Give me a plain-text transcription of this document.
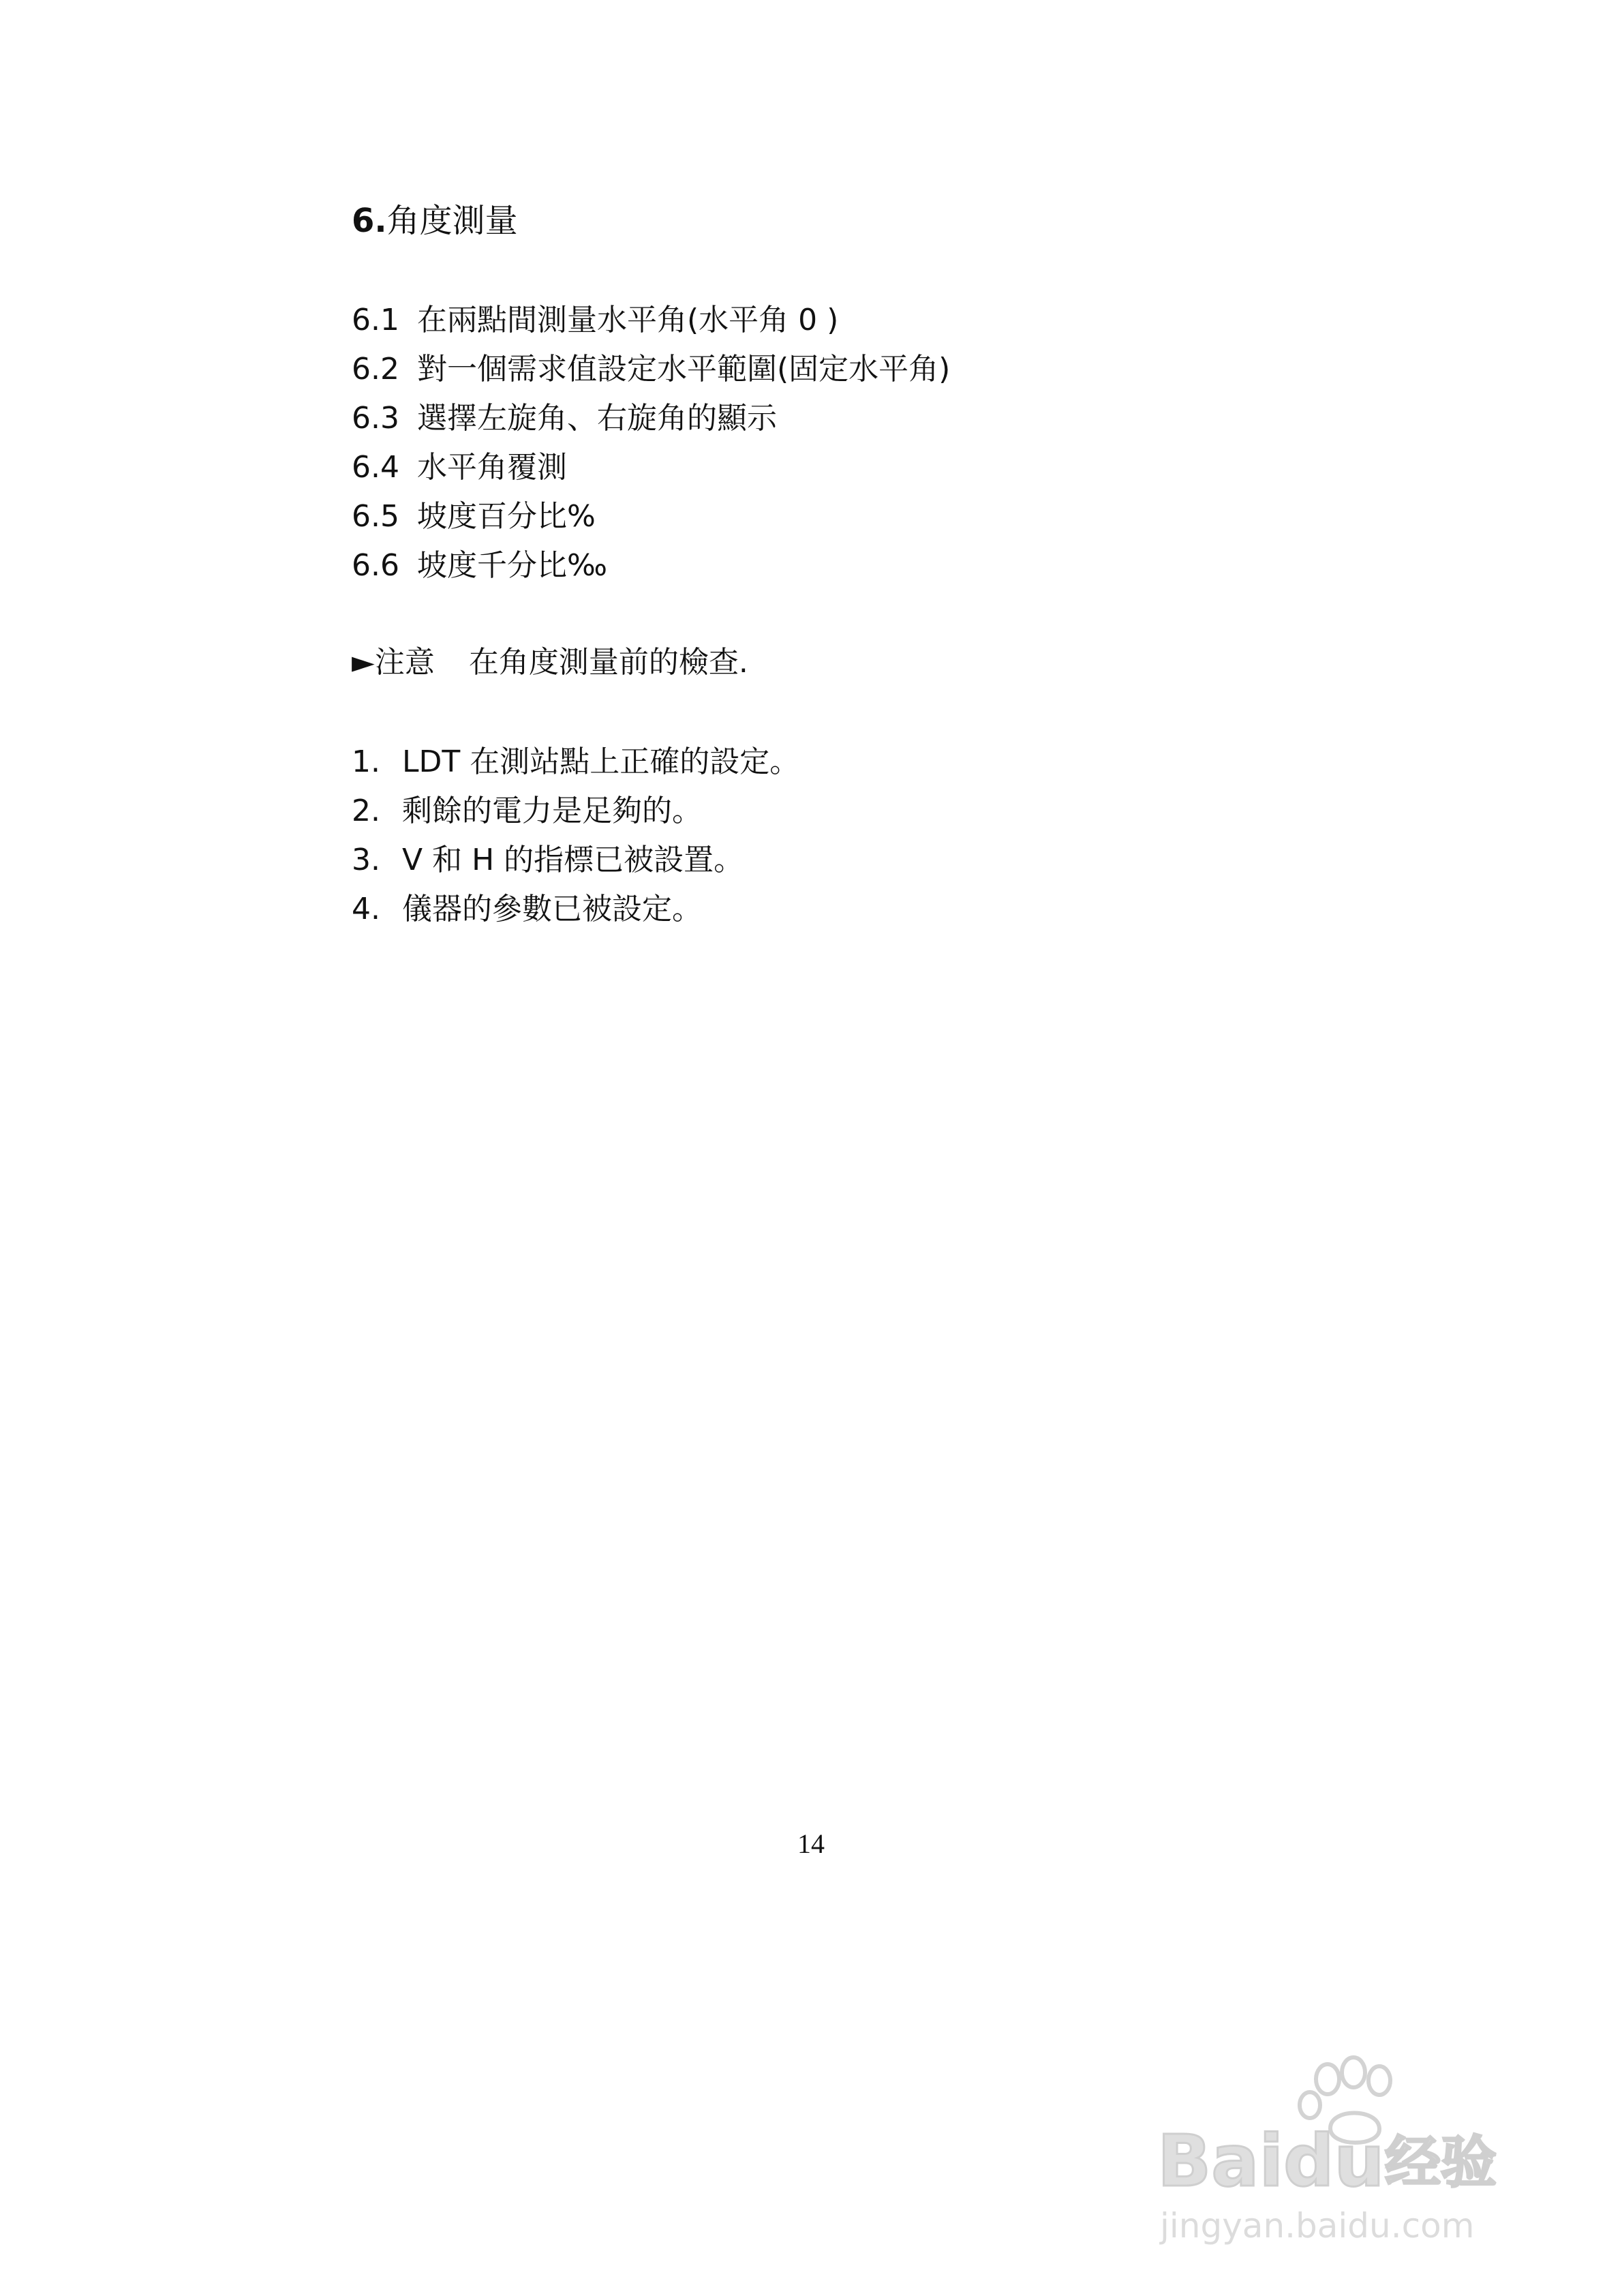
6.角度測量
6.1 在兩點間測量水平角(水平角 0 )
6.2 對一個需求值設定水平範圍(固定水平角)
6.3 選擇左旋角、右旋角的顯示
6.4 水平角覆測
6.5 坡度百分比%
6.6 坡度千分比‰
►注意 在角度測量前的檢查.
1. LDT 在測站點上正確的設定。
2. 剩餘的電力是足夠的。
3. V 和 H 的指標已被設置。
4. 儀器的參數已被設定。
14
Baidu 经验
jingyan.baidu.com
